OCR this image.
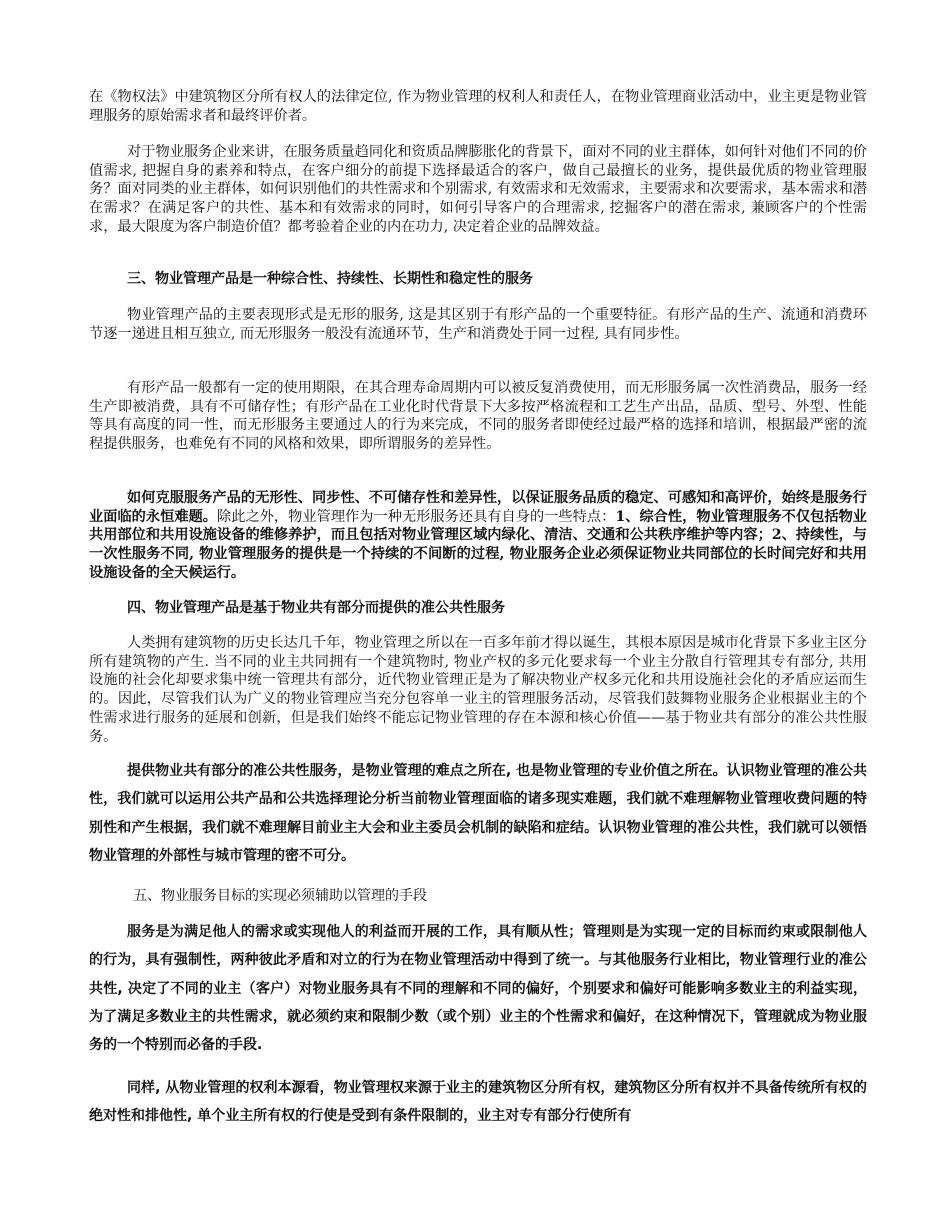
在《物权法》中建筑物区分所有权人的法律定位, 作为物业管理的权利人和责任人，在物业管理商业活动中，业主更是物业管理服务的原始需求者和最终评价者。

对于物业服务企业来讲，在服务质量趋同化和资质品牌膨胀化的背景下，面对不同的业主群体，如何针对他们不同的价值需求, 把握自身的素养和特点，在客户细分的前提下选择最适合的客户，做自己最擅长的业务，提供最优质的物业管理服务？面对同类的业主群体，如何识别他们的共性需求和个别需求, 有效需求和无效需求，主要需求和次要需求，基本需求和潜在需求？在满足客户的共性、基本和有效需求的同时，如何引导客户的合理需求, 挖掘客户的潜在需求, 兼顾客户的个性需求，最大限度为客户制造价值？都考验着企业的内在功力, 决定着企业的品牌效益。

三、物业管理产品是一种综合性、持续性、长期性和稳定性的服务

物业管理产品的主要表现形式是无形的服务, 这是其区别于有形产品的一个重要特征。有形产品的生产、流通和消费环节逐一递进且相互独立, 而无形服务一般没有流通环节，生产和消费处于同一过程, 具有同步性。

有形产品一般都有一定的使用期限，在其合理寿命周期内可以被反复消费使用，而无形服务属一次性消费品，服务一经生产即被消费，具有不可储存性；有形产品在工业化时代背景下大多按严格流程和工艺生产出品，品质、型号、外型、性能等具有高度的同一性，而无形服务主要通过人的行为来完成，不同的服务者即使经过最严格的选择和培训，根据最严密的流程提供服务，也难免有不同的风格和效果，即所谓服务的差异性。

如何克服服务产品的无形性、同步性、不可储存性和差异性，以保证服务品质的稳定、可感知和高评价，始终是服务行业面临的永恒难题。除此之外，物业管理作为一种无形服务还具有自身的一些特点：1、综合性，物业管理服务不仅包括物业共用部位和共用设施设备的维修养护，而且包括对物业管理区域内绿化、清洁、交通和公共秩序维护等内容；2、持续性，与一次性服务不同, 物业管理服务的提供是一个持续的不间断的过程, 物业服务企业必须保证物业共同部位的长时间完好和共用设施设备的全天候运行。

四、物业管理产品是基于物业共有部分而提供的准公共性服务

人类拥有建筑物的历史长达几千年，物业管理之所以在一百多年前才得以诞生，其根本原因是城市化背景下多业主区分所有建筑物的产生. 当不同的业主共同拥有一个建筑物时, 物业产权的多元化要求每一个业主分散自行管理其专有部分, 共用设施的社会化却要求集中统一管理共有部分，近代物业管理正是为了解决物业产权多元化和共用设施社会化的矛盾应运而生的。因此，尽管我们认为广义的物业管理应当充分包容单一业主的管理服务活动，尽管我们鼓舞物业服务企业根据业主的个性需求进行服务的延展和创新，但是我们始终不能忘记物业管理的存在本源和核心价值——基于物业共有部分的准公共性服务。

提供物业共有部分的准公共性服务，是物业管理的难点之所在, 也是物业管理的专业价值之所在。认识物业管理的准公共性，我们就可以运用公共产品和公共选择理论分析当前物业管理面临的诸多现实难题，我们就不难理解物业管理收费问题的特别性和产生根据，我们就不难理解目前业主大会和业主委员会机制的缺陷和症结。认识物业管理的准公共性，我们就可以领悟物业管理的外部性与城市管理的密不可分。

五、物业服务目标的实现必须辅助以管理的手段

服务是为满足他人的需求或实现他人的利益而开展的工作，具有顺从性；管理则是为实现一定的目标而约束或限制他人的行为，具有强制性，两种彼此矛盾和对立的行为在物业管理活动中得到了统一。与其他服务行业相比，物业管理行业的准公共性, 决定了不同的业主（客户）对物业服务具有不同的理解和不同的偏好，个别要求和偏好可能影响多数业主的利益实现，为了满足多数业主的共性需求，就必须约束和限制少数（或个别）业主的个性需求和偏好，在这种情况下，管理就成为物业服务的一个特别而必备的手段.

同样, 从物业管理的权利本源看，物业管理权来源于业主的建筑物区分所有权，建筑物区分所有权并不具备传统所有权的绝对性和排他性, 单个业主所有权的行使是受到有条件限制的，业主对专有部分行使所有
